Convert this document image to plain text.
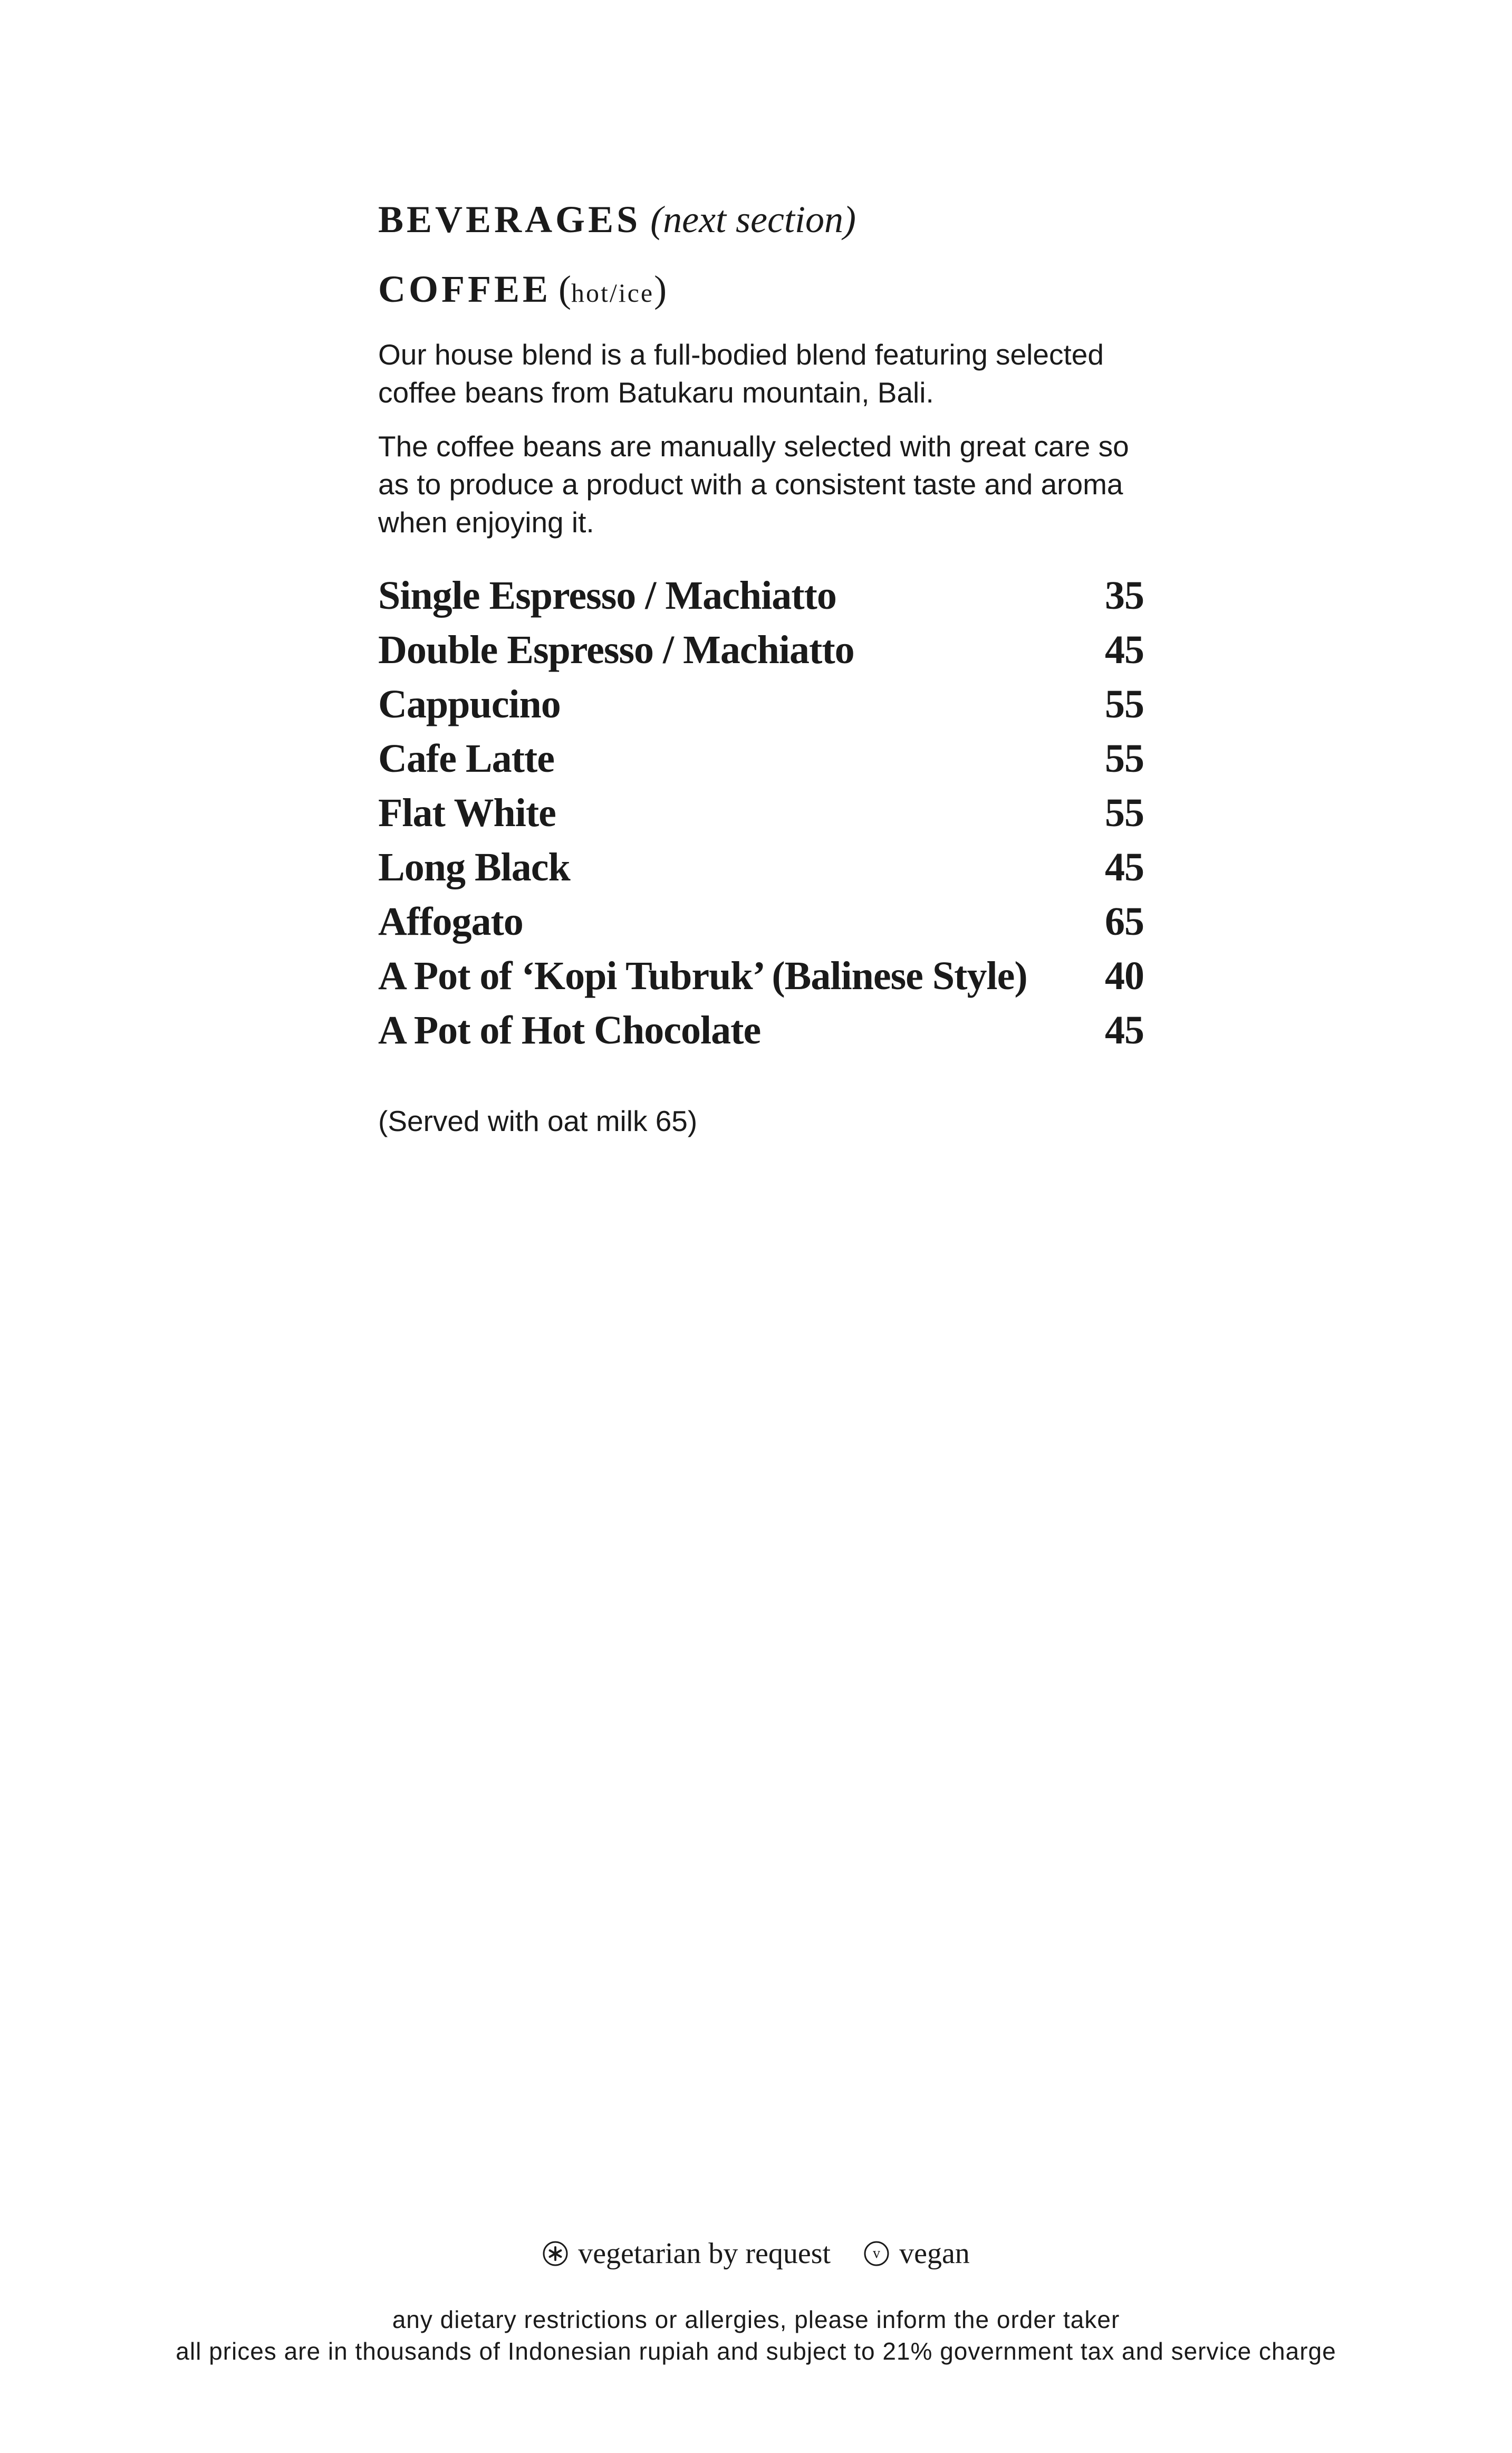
BEVERAGES (next section)
COFFEE (hot/ice)

Our house blend is a full-bodied blend featuring selected coffee beans from Batukaru mountain, Bali.

The coffee beans are manually selected with great care so as to produce a product with a consistent taste and aroma when enjoying it.

Single Espresso / Machiatto	35
Double Espresso / Machiatto	45
Cappucino	55
Cafe Latte	55
Flat White	55
Long Black	45
Affogato	65
A Pot of ‘Kopi Tubruk’ (Balinese Style) 40
A Pot of Hot Chocolate	45
(Served with oat milk 65)
vegetarian by request	v vegan
any dietary restrictions or allergies, please inform the order taker
all prices are in thousands of Indonesian rupiah and subject to 21% government tax and service charge
